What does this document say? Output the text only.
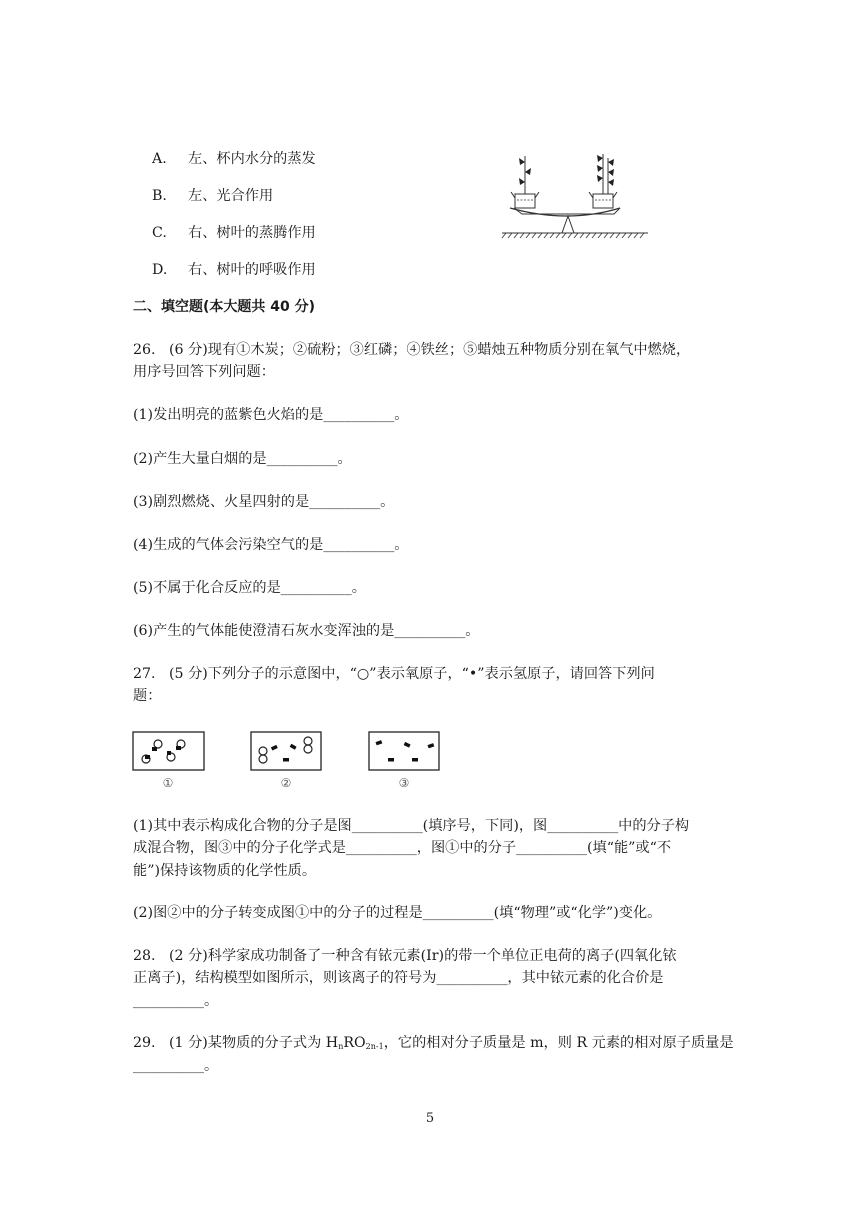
A. 左、杯内水分的蒸发
B. 左、光合作用
C. 右、树叶的蒸腾作用
D. 右、树叶的呼吸作用
二、填空题(本大题共 40 分)
26. (6 分)现有①木炭；②硫粉；③红磷；④铁丝；⑤蜡烛五种物质分别在氧气中燃烧，
用序号回答下列问题：
(1)发出明亮的蓝紫色火焰的是__________。
(2)产生大量白烟的是__________。
(3)剧烈燃烧、火星四射的是__________。
(4)生成的气体会污染空气的是__________。
(5)不属于化合反应的是__________。
(6)产生的气体能使澄清石灰水变浑浊的是__________。
27. (5 分)下列分子的示意图中，“○”表示氧原子，“•”表示氢原子，请回答下列问
题：
①	②	③
(1)其中表示构成化合物的分子是图__________(填序号，下同)，图__________中的分子构
成混合物，图③中的分子化学式是__________，图①中的分子__________(填“能”或“不
能”)保持该物质的化学性质。
(2)图②中的分子转变成图①中的分子的过程是__________(填“物理”或“化学”)变化。
28. (2 分)科学家成功制备了一种含有铱元素(Ir)的带一个单位正电荷的离子(四氧化铱
正离子)，结构模型如图所示，则该离子的符号为__________，其中铱元素的化合价是
__________。
29. (1 分)某物质的分子式为 $H_nRO_{2n-1}$，它的相对分子质量是 m，则 R 元素的相对原子质量是
__________。
5
